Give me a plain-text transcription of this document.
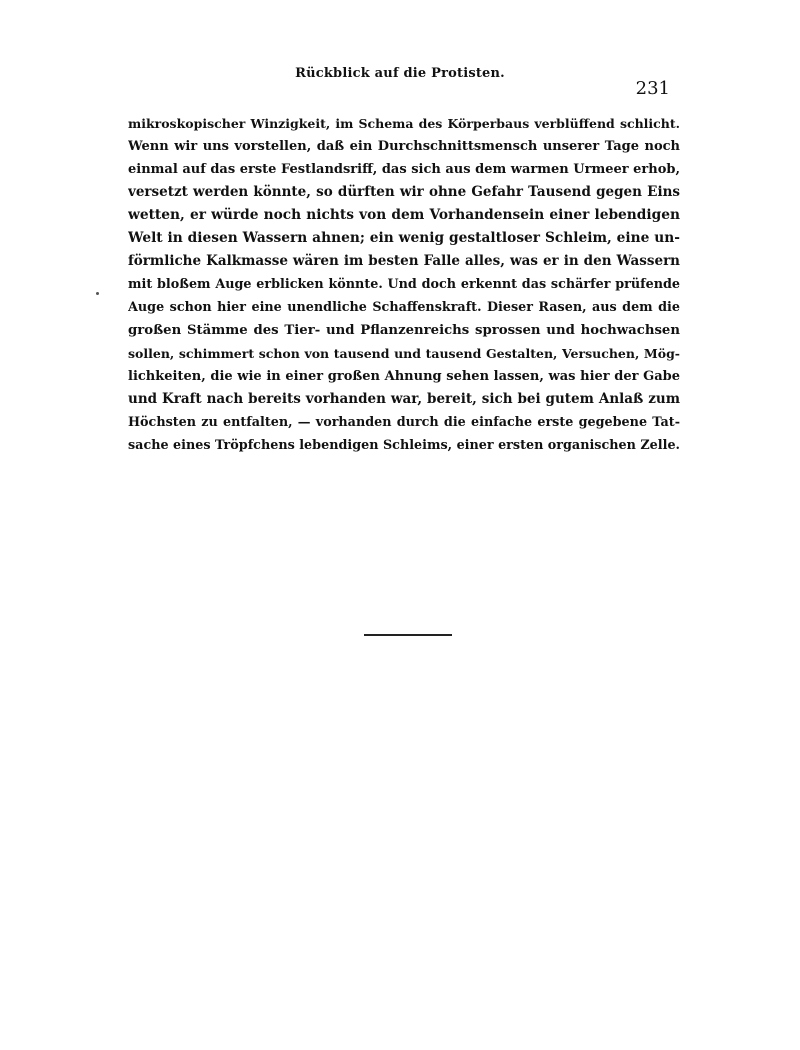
Rückblick auf die Protisten.
231
mikroskopischer Winzigkeit, im Schema des Körperbaus verblüffend schlicht.
Wenn wir uns vorstellen, daß ein Durchschnittsmensch unserer Tage noch
einmal auf das erste Festlandsriff, das sich aus dem warmen Urmeer erhob,
versetzt werden könnte, so dürften wir ohne Gefahr Tausend gegen Eins
wetten, er würde noch nichts von dem Vorhandensein einer lebendigen
Welt in diesen Wassern ahnen; ein wenig gestaltloser Schleim, eine un-
förmliche Kalkmasse wären im besten Falle alles, was er in den Wassern
mit bloßem Auge erblicken könnte. Und doch erkennt das schärfer prüfende
Auge schon hier eine unendliche Schaffenskraft. Dieser Rasen, aus dem die
großen Stämme des Tier- und Pflanzenreichs sprossen und hochwachsen
sollen, schimmert schon von tausend und tausend Gestalten, Versuchen, Mög-
lichkeiten, die wie in einer großen Ahnung sehen lassen, was hier der Gabe
und Kraft nach bereits vorhanden war, bereit, sich bei gutem Anlaß zum
Höchsten zu entfalten, — vorhanden durch die einfache erste gegebene Tat-
sache eines Tröpfchens lebendigen Schleims, einer ersten organischen Zelle.
